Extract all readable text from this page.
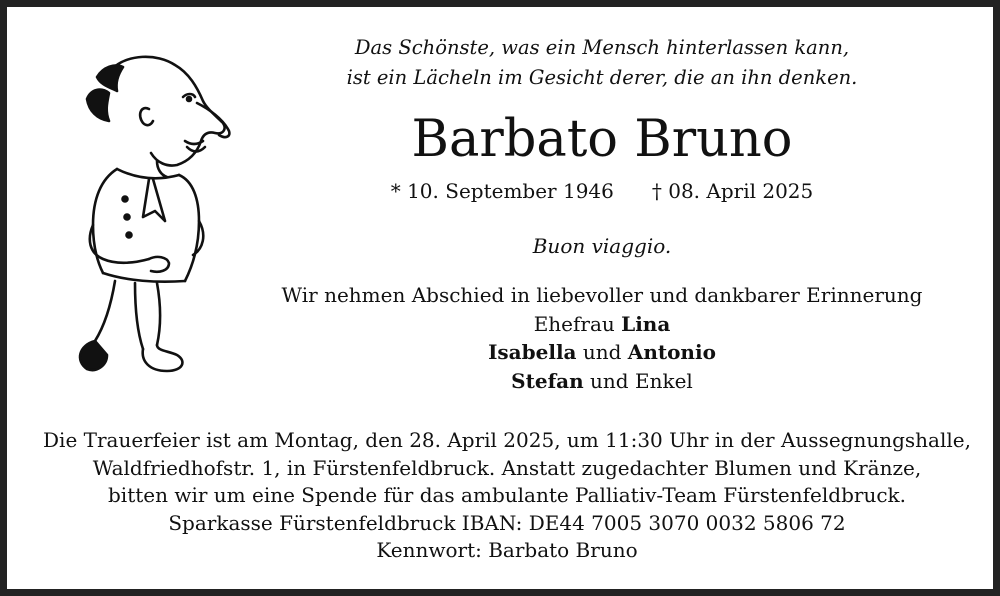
Das Schönste, was ein Mensch hinterlassen kann,

ist ein Lächeln im Gesicht derer, die an ihn denken.

Barbato Bruno
* 10. September 1946 † 08. April 2025
Buon viaggio.
Wir nehmen Abschied in liebevoller und dankbarer Erinnerung
Ehefrau Lina
Isabella und Antonio
Stefan und Enkel
Die Trauerfeier ist am Montag, den 28. April 2025, um 11:30 Uhr in der Aussegnungshalle,
Waldfriedhofstr. 1, in Fürstenfeldbruck. Anstatt zugedachter Blumen und Kränze,
bitten wir um eine Spende für das ambulante Palliativ-Team Fürstenfeldbruck.
Sparkasse Fürstenfeldbruck IBAN: DE44 7005 3070 0032 5806 72
Kennwort: Barbato Bruno
